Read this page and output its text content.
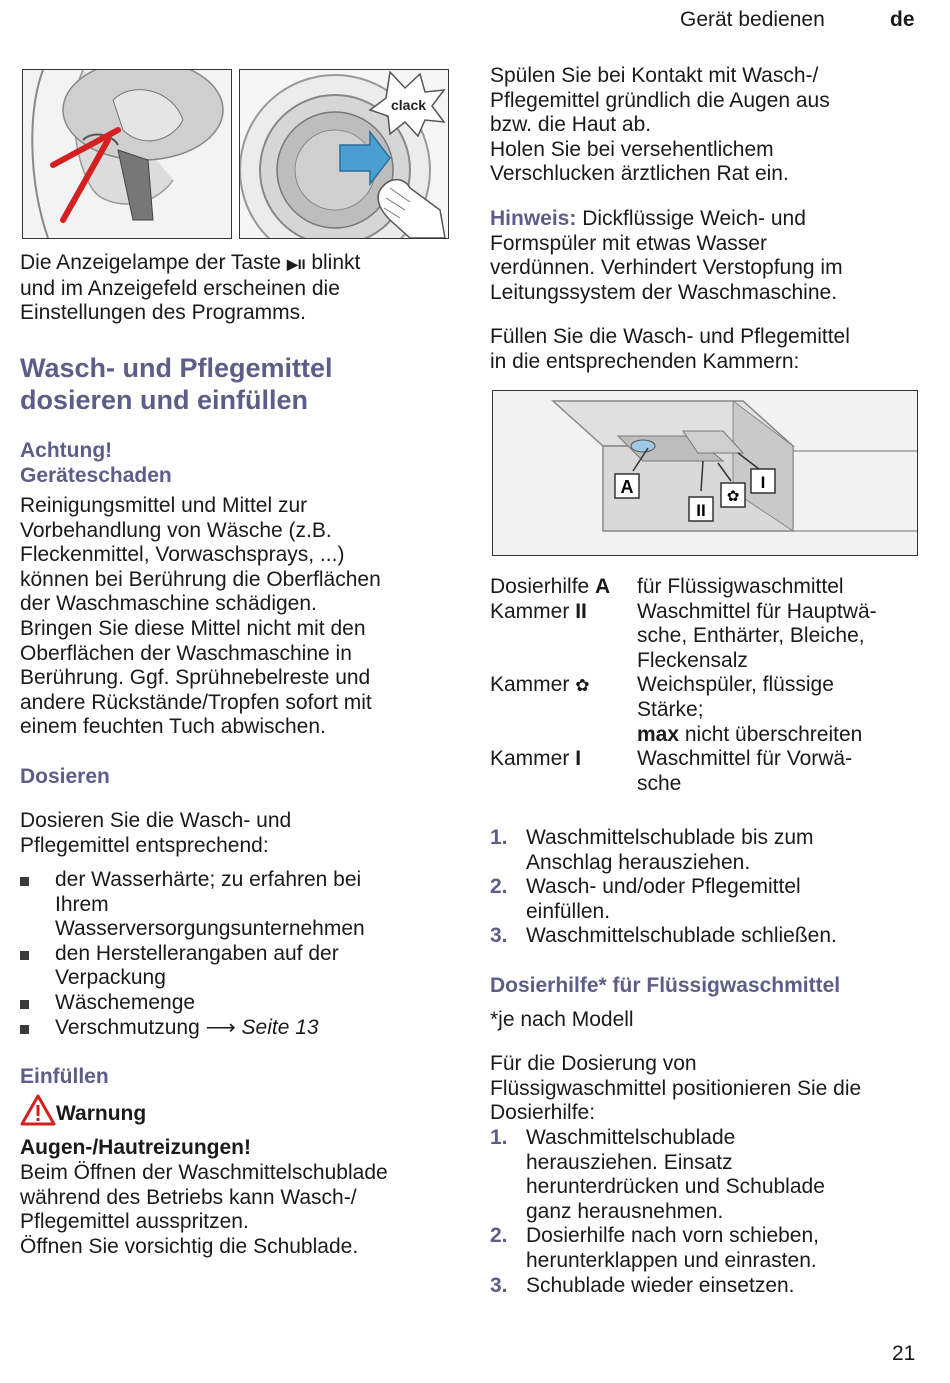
Gerät bedienen	de
clack
Die Anzeigelampe der Taste ▶II blinkt
und im Anzeigefeld erscheinen die
Einstellungen des Programms.
Wasch- und Pflegemittel
dosieren und einfüllen
Achtung!
Geräteschaden
Reinigungsmittel und Mittel zur
Vorbehandlung von Wäsche (z.B.
Fleckenmittel, Vorwaschsprays, ...)
können bei Berührung die Oberflächen
der Waschmaschine schädigen.
Bringen Sie diese Mittel nicht mit den
Oberflächen der Waschmaschine in
Berührung. Ggf. Sprühnebelreste und
andere Rückstände/Tropfen sofort mit
einem feuchten Tuch abwischen.
Dosieren
Dosieren Sie die Wasch- und
Pflegemittel entsprechend:
der Wasserhärte; zu erfahren bei
Ihrem
Wasserversorgungsunternehmen
den Herstellerangaben auf der
Verpackung
Wäschemenge
Verschmutzung ⟶ Seite 13
Einfüllen
Warnung
Augen-/Hautreizungen!
Beim Öffnen der Waschmittelschublade
während des Betriebs kann Wasch-/
Pflegemittel ausspritzen.
Öffnen Sie vorsichtig die Schublade.
Spülen Sie bei Kontakt mit Wasch-/
Pflegemittel gründlich die Augen aus
bzw. die Haut ab.
Holen Sie bei versehentlichem
Verschlucken ärztlichen Rat ein.
Hinweis: Dickflüssige Weich- und
Formspüler mit etwas Wasser
verdünnen. Verhindert Verstopfung im
Leitungssystem der Waschmaschine.
Füllen Sie die Wasch- und Pflegemittel
in die entsprechenden Kammern:
A
II
✿
I
Dosierhilfe A	für Flüssigwaschmittel

Kammer II	Waschmittel für Hauptwä-
sche, Enthärter, Bleiche,
Fleckensalz

Kammer ✿	Weichspüler, flüssige
Stärke;
max nicht überschreiten

Kammer I	Waschmittel für Vorwä-
sche
1. Waschmittelschublade bis zum
Anschlag herausziehen.
2. Wasch- und/oder Pflegemittel
einfüllen.
3. Waschmittelschublade schließen.
Dosierhilfe* für Flüssigwaschmittel
*je nach Modell
Für die Dosierung von
Flüssigwaschmittel positionieren Sie die
Dosierhilfe:
1. Waschmittelschublade
herausziehen. Einsatz
herunterdrücken und Schublade
ganz herausnehmen.
2. Dosierhilfe nach vorn schieben,
herunterklappen und einrasten.
3. Schublade wieder einsetzen.
21
